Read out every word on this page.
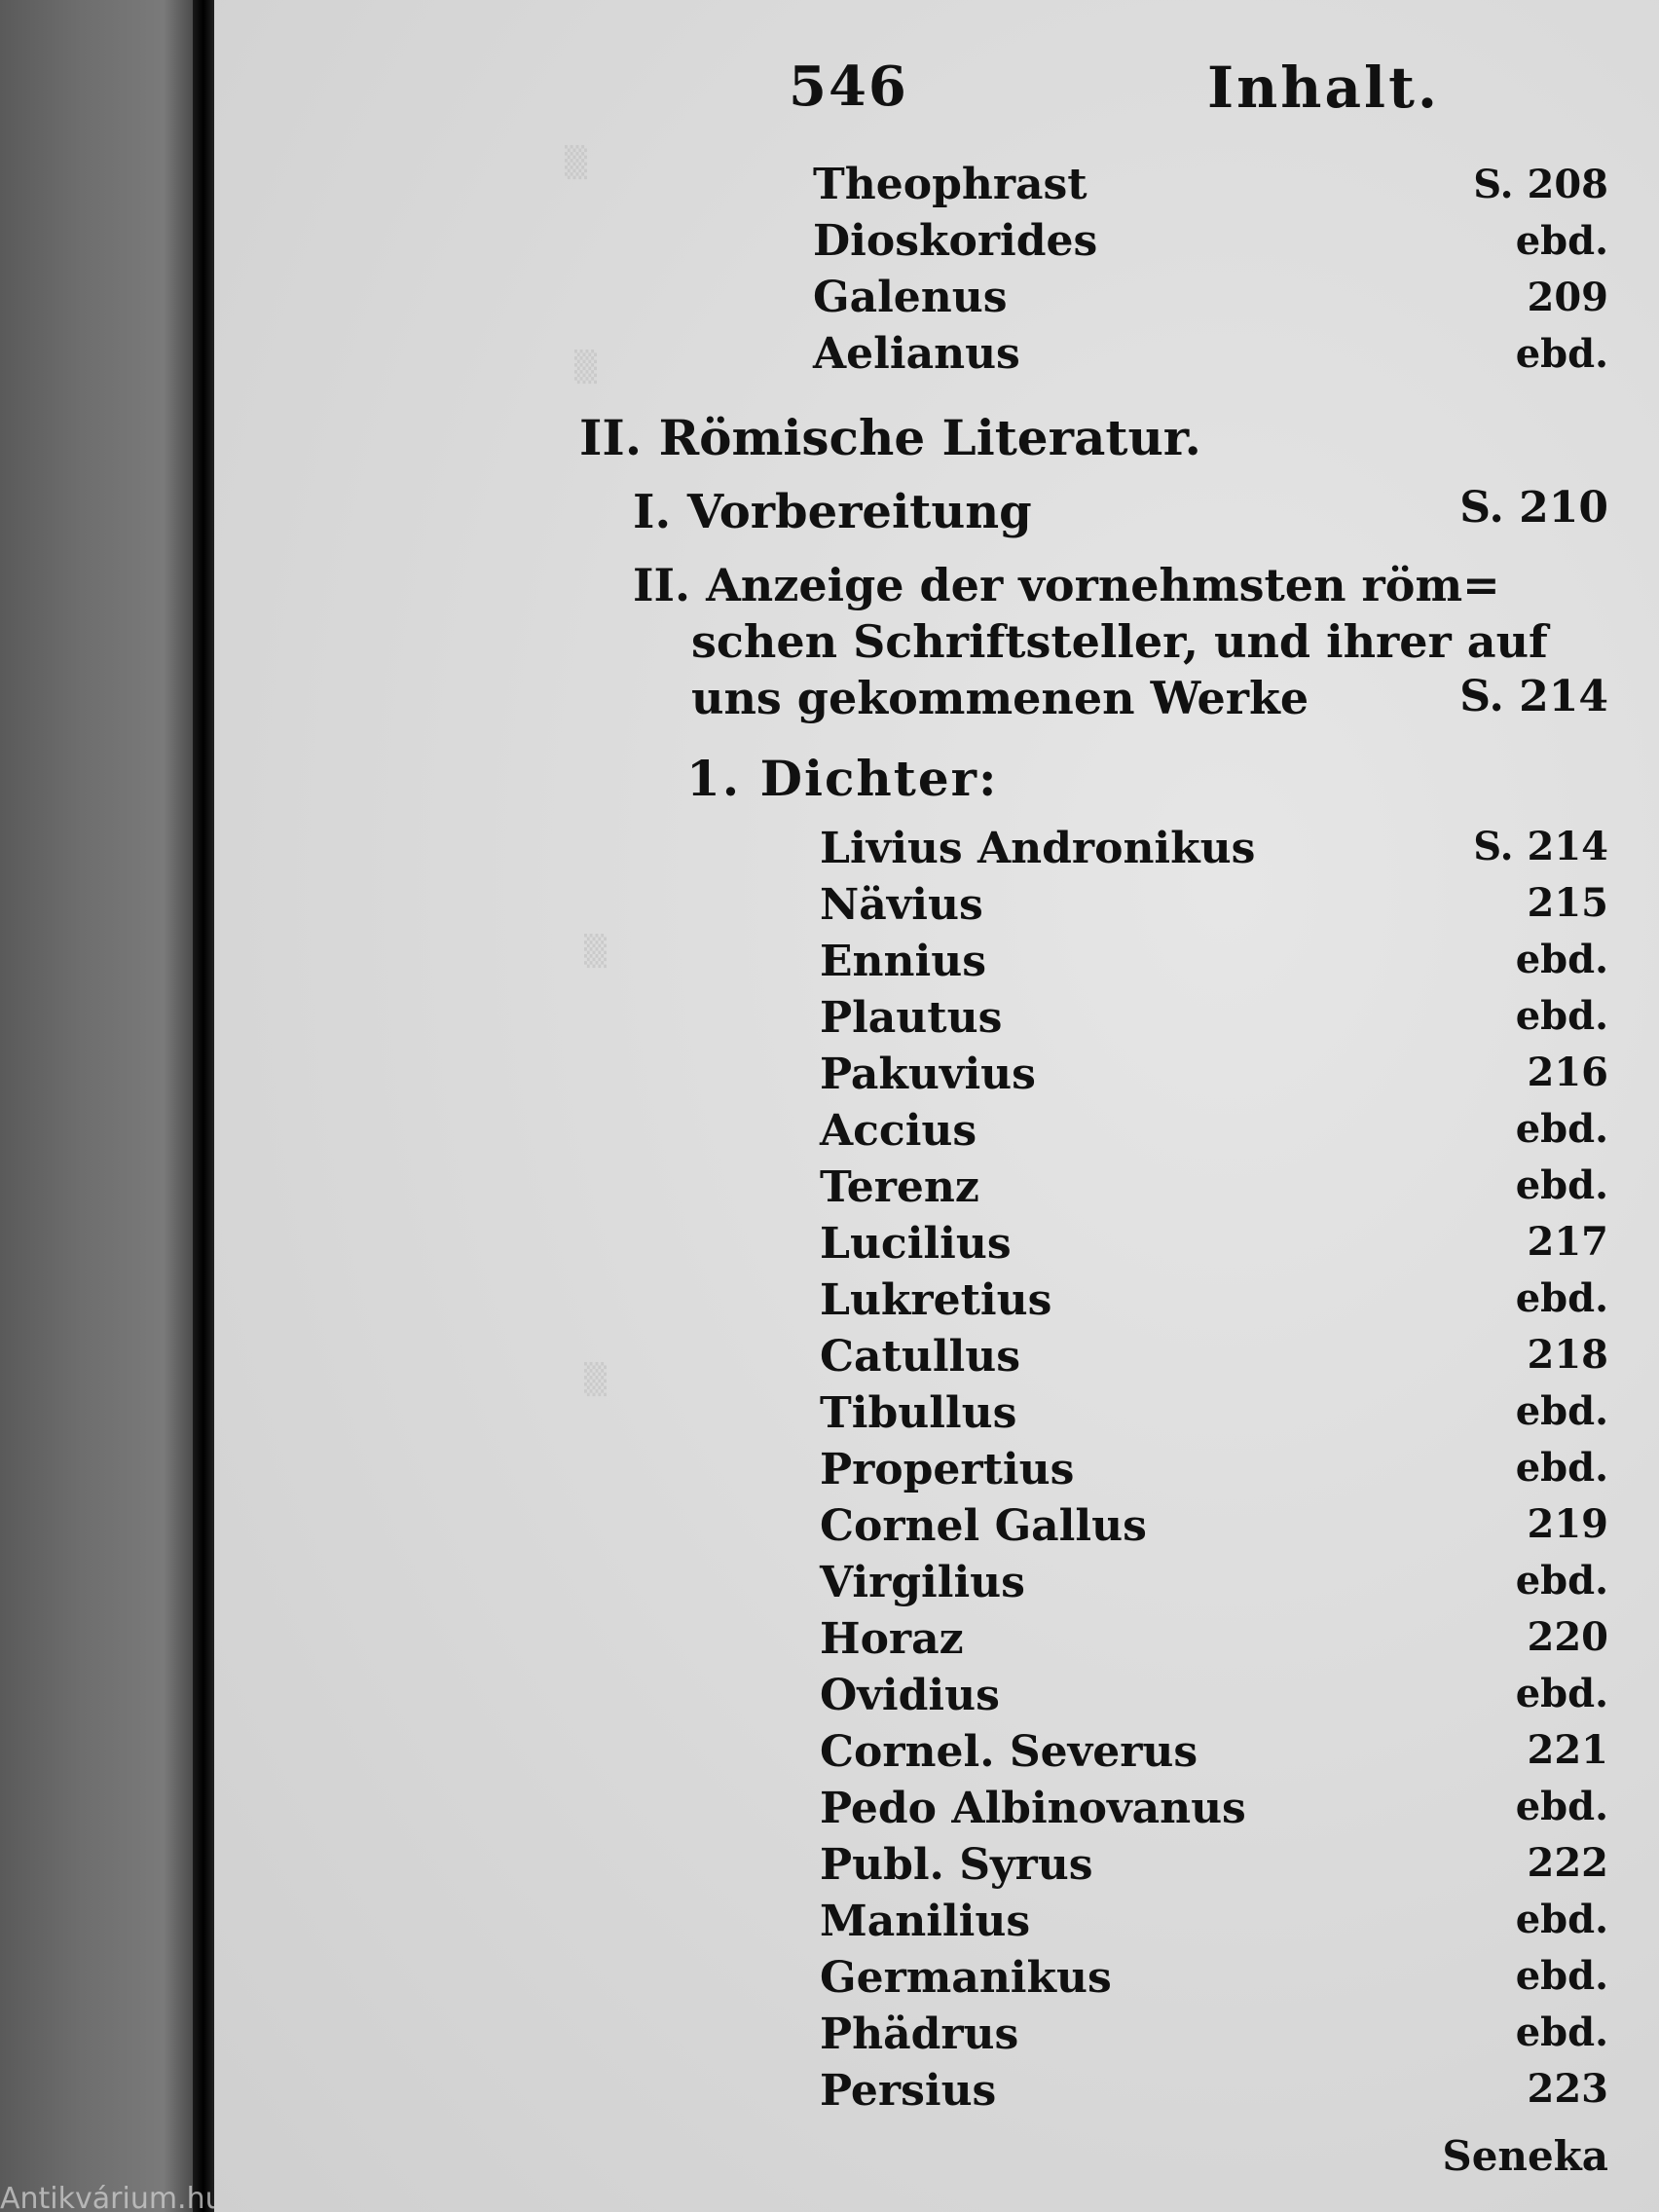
▒
▒
▒
▒
546	Inhalt.
Theophrast	S. 208
Dioskorides	ebd.
Galenus	209
Aelianus	ebd.
II. Römische Literatur.
I. Vorbereitung	S. 210
II. Anzeige der vornehmsten röm=
schen Schriftsteller, und ihrer auf
uns gekommenen Werke	S. 214
1. Dichter:
Livius Andronikus	S. 214
Nävius	215
Ennius	ebd.
Plautus	ebd.
Pakuvius	216
Accius	ebd.
Terenz	ebd.
Lucilius	217
Lukretius	ebd.
Catullus	218
Tibullus	ebd.
Propertius	ebd.
Cornel Gallus	219
Virgilius	ebd.
Horaz	220
Ovidius	ebd.
Cornel. Severus	221
Pedo Albinovanus	ebd.
Publ. Syrus	222
Manilius	ebd.
Germanikus	ebd.
Phädrus	ebd.
Persius	223
Seneka
Antikvárium.hu
